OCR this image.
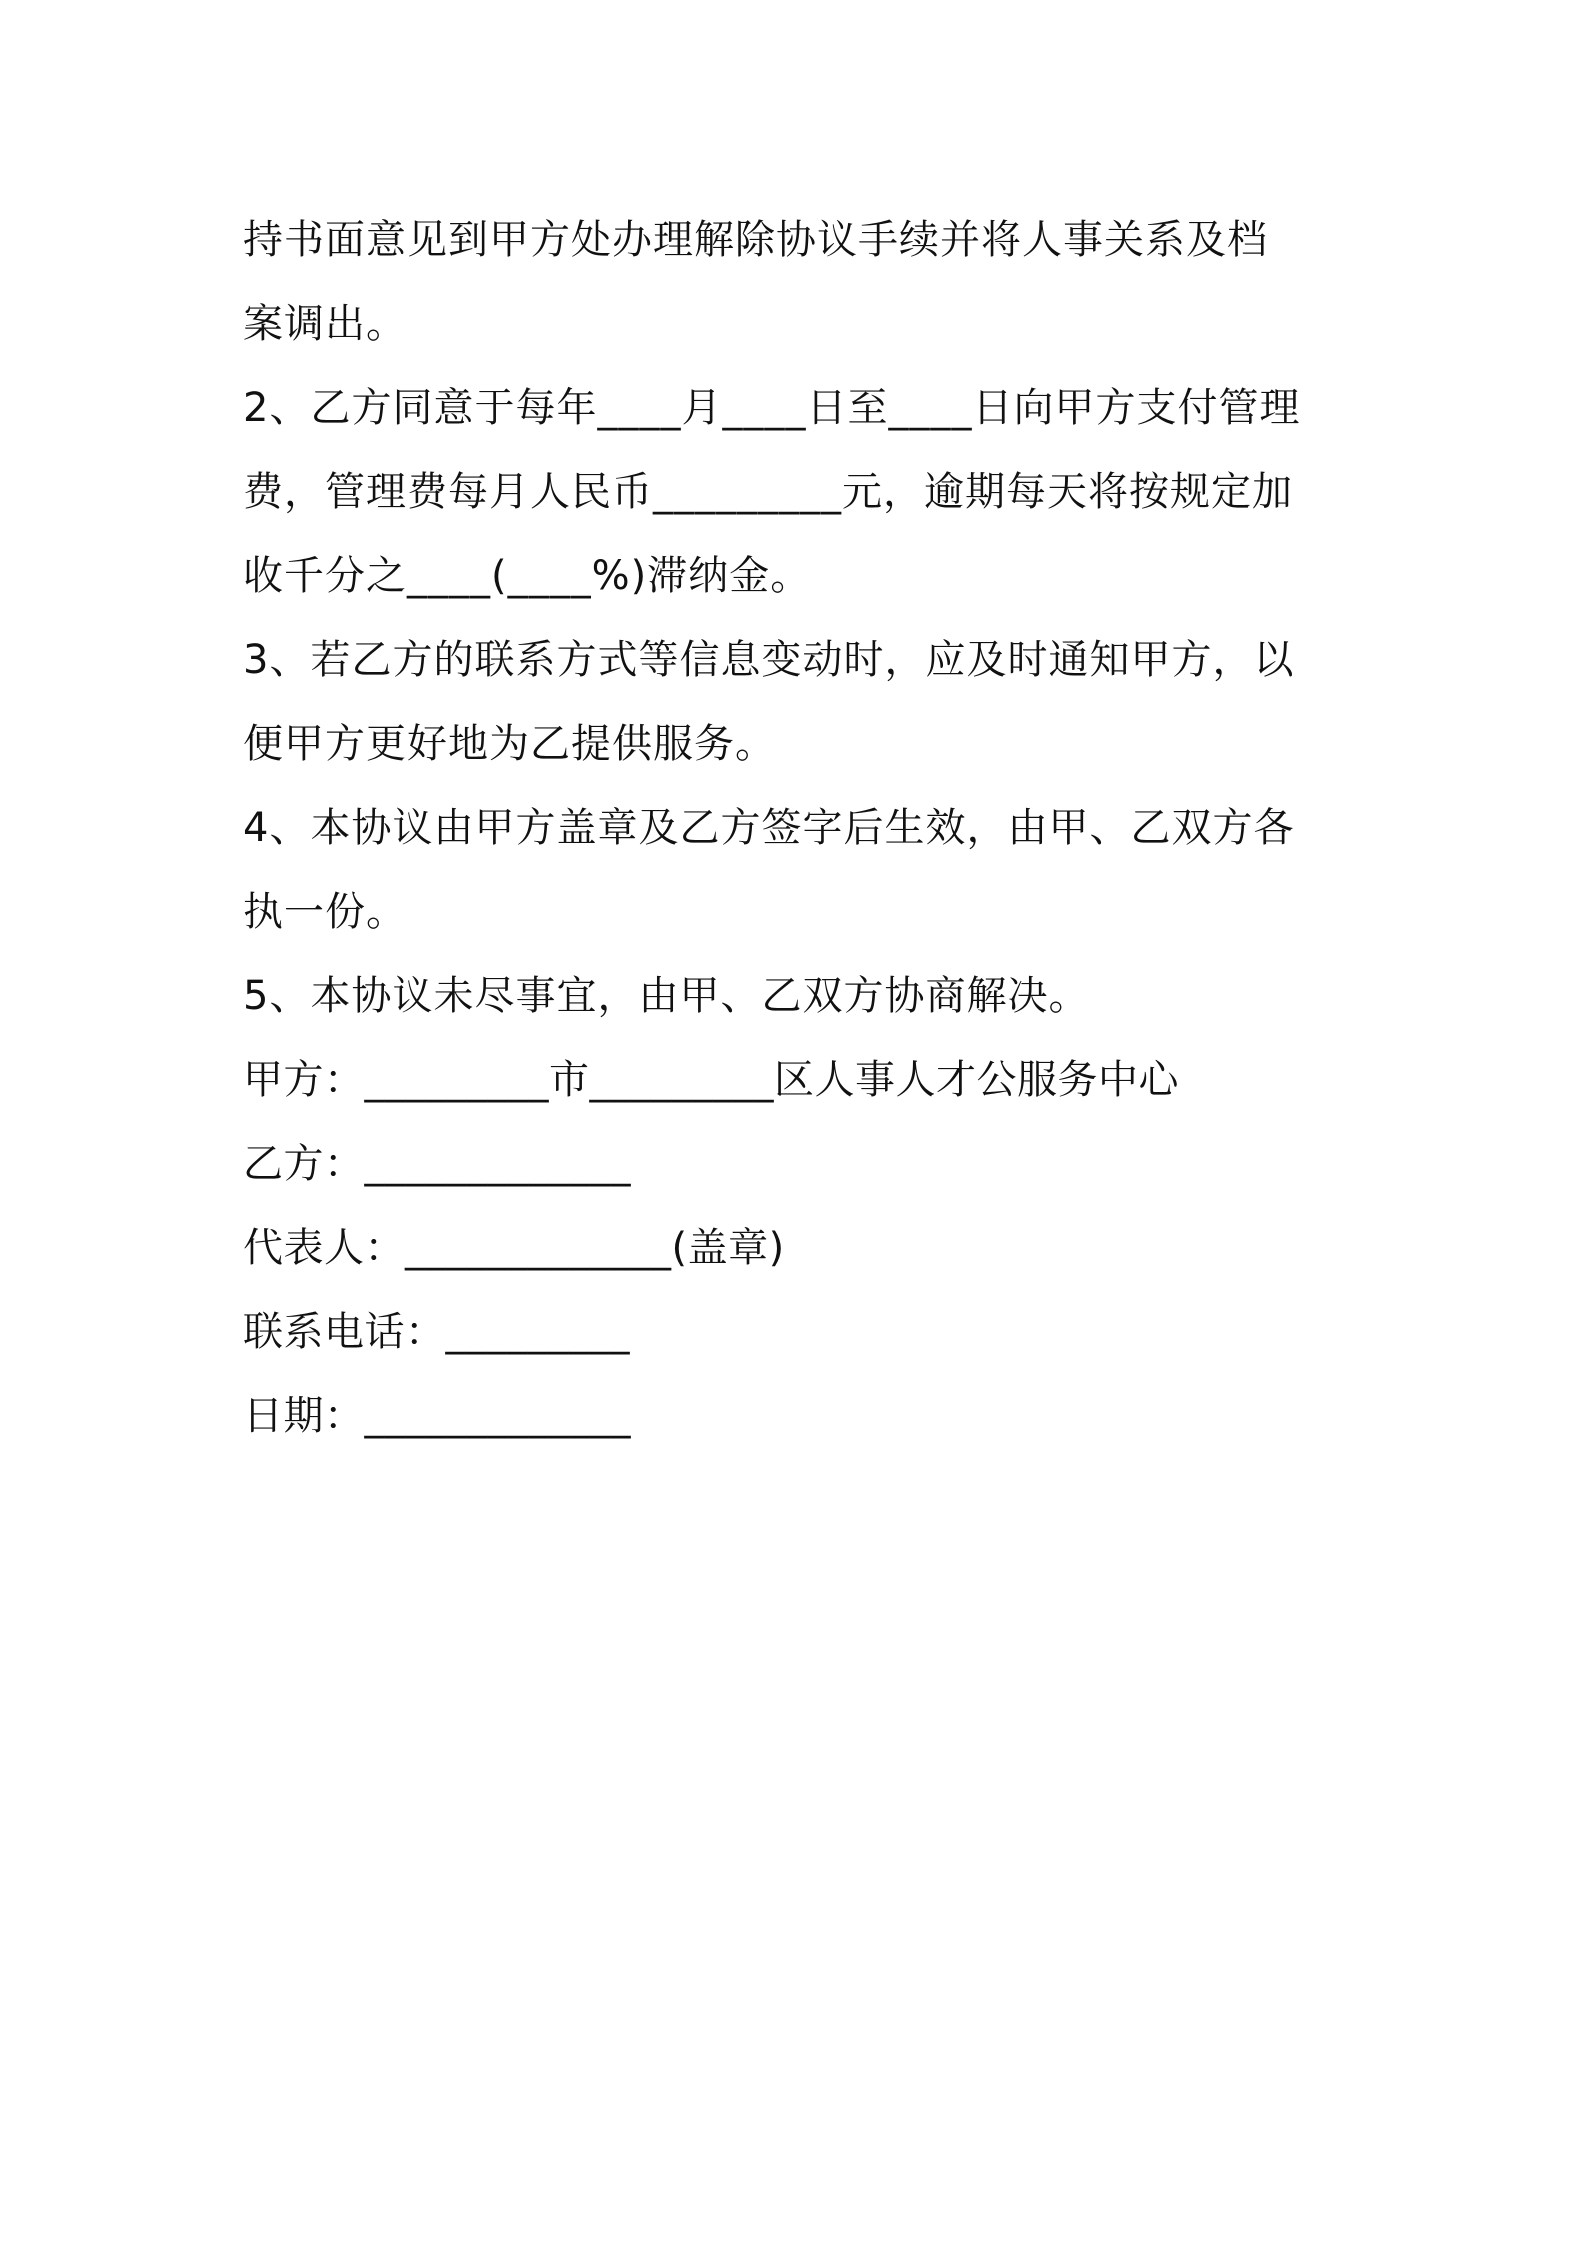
持书面意见到甲方处办理解除协议手续并将人事关系及档

案调出。

2、乙方同意于每年____月____日至____日向甲方支付管理

费，管理费每月人民币_________元，逾期每天将按规定加

收千分之____(____%)滞纳金。

3、若乙方的联系方式等信息变动时，应及时通知甲方，以

便甲方更好地为乙提供服务。

4、本协议由甲方盖章及乙方签字后生效，由甲、乙双方各

执一份。

5、本协议未尽事宜，由甲、乙双方协商解决。

甲方：_________市_________区人事人才公服务中心

乙方：_____________

代表人：_____________(盖章)

联系电话：_________

日期：_____________
